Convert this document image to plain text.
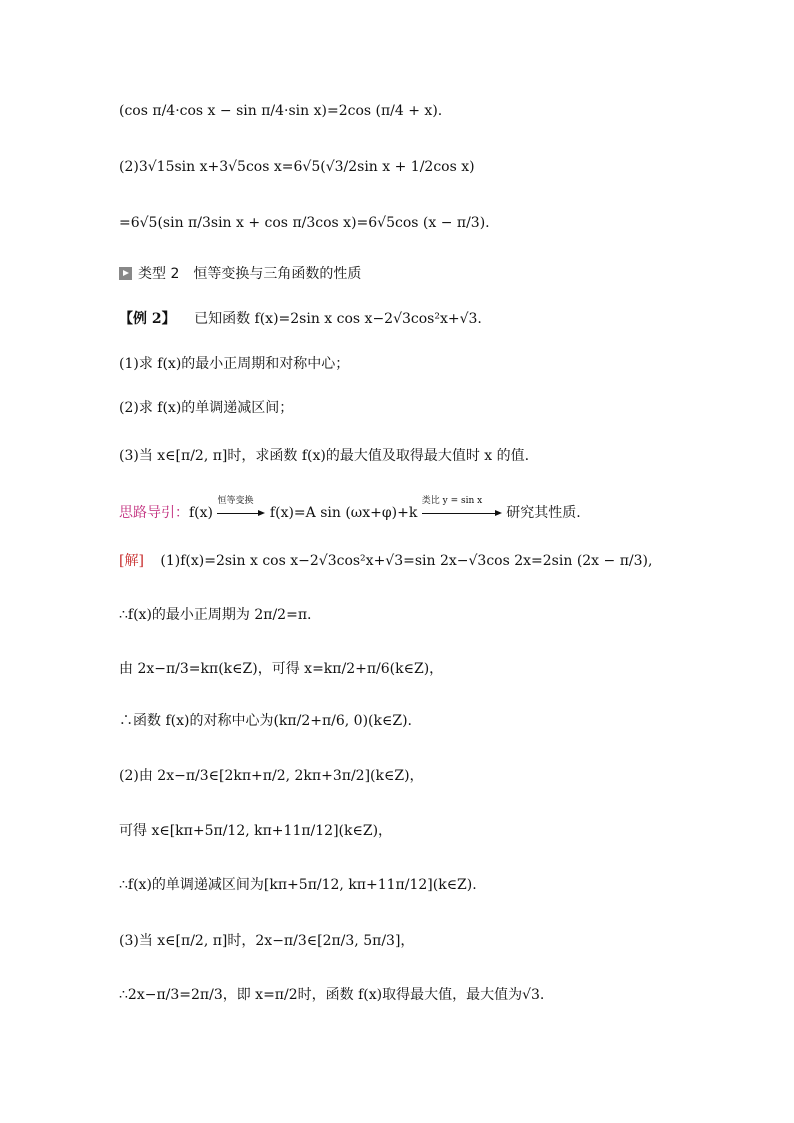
(cos π/4·cos x − sin π/4·sin x)=2cos (π/4 + x).
(2)3√15sin x+3√5cos x=6√5(√3/2sin x + 1/2cos x)
=6√5(sin π/3sin x + cos π/3cos x)=6√5cos (x − π/3).
类型 2　恒等变换与三角函数的性质
【例 2】 已知函数 f(x)=2sin x cos x−2√3cos²x+√3.
(1)求 f(x)的最小正周期和对称中心；
(2)求 f(x)的单调递减区间；
(3)当 x∈[π/2, π]时，求函数 f(x)的最大值及取得最大值时 x 的值.
思路导引：f(x)
恒等变换
f(x)=A sin (ωx+φ)+k
类比 y = sin x
研究其性质.
[解] (1)f(x)=2sin x cos x−2√3cos²x+√3=sin 2x−√3cos 2x=2sin (2x − π/3),
∴f(x)的最小正周期为 2π/2=π.
由 2x−π/3=kπ(k∈Z)，可得 x=kπ/2+π/6(k∈Z)，
∴函数 f(x)的对称中心为(kπ/2+π/6, 0)(k∈Z).
(2)由 2x−π/3∈[2kπ+π/2, 2kπ+3π/2](k∈Z)，
可得 x∈[kπ+5π/12, kπ+11π/12](k∈Z)，
∴f(x)的单调递减区间为[kπ+5π/12, kπ+11π/12](k∈Z).
(3)当 x∈[π/2, π]时，2x−π/3∈[2π/3, 5π/3]，
∴2x−π/3=2π/3，即 x=π/2时，函数 f(x)取得最大值，最大值为√3.
